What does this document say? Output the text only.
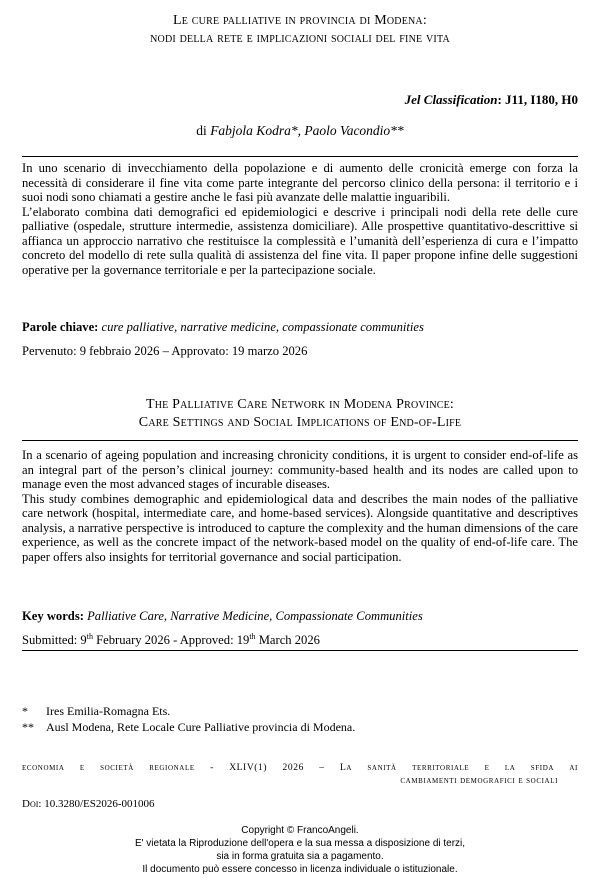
Le cure palliative in provincia di Modena:
nodi della rete e implicazioni sociali del fine vita
Jel Classification: J11, I180, H0
di Fabjola Kodra*, Paolo Vacondio**

In uno scenario di invecchiamento della popolazione e di aumento delle cronicità emerge con forza la necessità di considerare il fine vita come parte integrante del percorso clinico della persona: il territorio e i suoi nodi sono chiamati a gestire anche le fasi più avanzate delle malattie inguaribili.

L’elaborato combina dati demografici ed epidemiologici e descrive i principali nodi della rete delle cure palliative (ospedale, strutture intermedie, assistenza domiciliare). Alle prospettive quantitativo-descrittive si affianca un approccio narrativo che restituisce la complessità e l’umanità dell’esperienza di cura e l’impatto concreto del modello di rete sulla qualità di assistenza del fine vita. Il paper propone infine delle suggestioni operative per la governance territoriale e per la partecipazione sociale.

Parole chiave: cure palliative, narrative medicine, compassionate communities
Pervenuto: 9 febbraio 2026 – Approvato: 19 marzo 2026
The Palliative Care Network in Modena Province:
Care Settings and Social Implications of End-of-Life

In a scenario of ageing population and increasing chronicity conditions, it is urgent to consider end-of-life as an integral part of the person’s clinical journey: community-based health and its nodes are called upon to manage even the most advanced stages of incurable diseases.

This study combines demographic and epidemiological data and describes the main nodes of the palliative care network (hospital, intermediate care, and home-based services). Alongside quantitative and descriptives analysis, a narrative perspective is introduced to capture the complexity and the human dimensions of the care experience, as well as the concrete impact of the network-based model on the quality of end-of-life care. The paper offers also insights for territorial governance and social participation.

Key words: Palliative Care, Narrative Medicine, Compassionate Communities
Submitted: 9th February 2026 - Approved: 19th March 2026
* Ires Emilia-Romagna Ets.
** Ausl Modena, Rete Locale Cure Palliative provincia di Modena.
economia e società regionale - XLIV(1) 2026 – La sanità territoriale e la sfida ai
cambiamenti demografici e sociali
Doi: 10.3280/ES2026-001006
Copyright © FrancoAngeli.
E' vietata la Riproduzione dell'opera e la sua messa a disposizione di terzi,
sia in forma gratuita sia a pagamento.
Il documento può essere concesso in licenza individuale o istituzionale.
